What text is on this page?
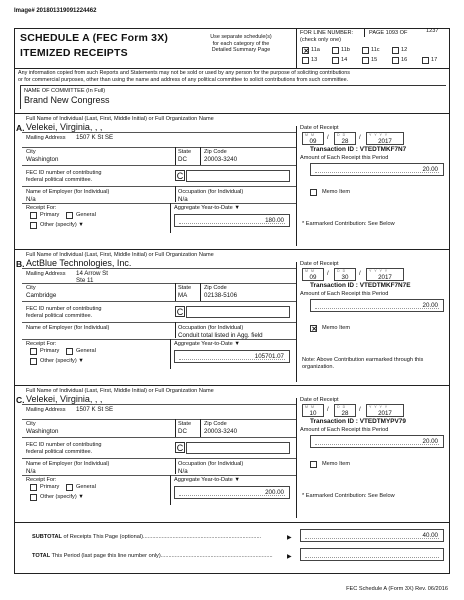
Image# 201801319091224462
SCHEDULE A (FEC Form 3X)
ITEMIZED RECEIPTS
Use separate schedule(s)
for each category of the
Detailed Summary Page
FOR LINE NUMBER:
(check only one)
PAGE 1093 OF	1237
✕
11a	11b	11c	12
13	14	15	16	17
Any information copied from such Reports and Statements may not be sold or used by any person for the purpose of soliciting contributions
or for commercial purposes, other than using the name and address of any political committee to solicit contributions from such committee.
NAME OF COMMITTEE (In Full)
Brand New Congress
Full Name of Individual (Last, First, Middle Initial) or Full Organization Name
A. Velekei, Virginia, , ,
Mailing Address 1507 K St SE
City
Washington
State
DC
Zip Code
20003-3240
FEC ID number of contributing
federal political committee.	C
Name of Employer (for Individual)
N/a
Occupation (for Individual)
N/a
Receipt For:
Primary	General
Other (specify) ▼
Aggregate Year-to-Date ▼
180.00
Date of Receipt
M M
09
D D
28
Y Y Y Y
2017
/	/
Transaction ID : VTEDTMKF7N7
Amount of Each Receipt this Period
20.00
Memo Item
* Earmarked Contribution: See Below
Full Name of Individual (Last, First, Middle Initial) or Full Organization Name
B. ActBlue Technologies, Inc.
Mailing Address 14 Arrow St
Ste 11
City
Cambridge
State
MA
Zip Code
02138-5106
FEC ID number of contributing
federal political committee.	C
Name of Employer (for Individual)	Occupation (for Individual)
Conduit total listed in Agg. field
Receipt For:
Primary	General
Other (specify) ▼
Aggregate Year-to-Date ▼
105701.07
Date of Receipt
M M
09
D D
30
Y Y Y Y
2017
/	/
Transaction ID : VTEDTMKF7N7E
Amount of Each Receipt this Period
20.00
✕
Memo Item
Note: Above Contribution earmarked through this organization.
Full Name of Individual (Last, First, Middle Initial) or Full Organization Name
C. Velekei, Virginia, , ,
Mailing Address 1507 K St SE
City
Washington
State
DC
Zip Code
20003-3240
FEC ID number of contributing
federal political committee.	C
Name of Employer (for Individual)
N/a
Occupation (for Individual)
N/a
Receipt For:
Primary	General
Other (specify) ▼
Aggregate Year-to-Date ▼
200.00
Date of Receipt
M M
10
D D
28
Y Y Y Y
2017
/	/
Transaction ID : VTEDTMYPV79
Amount of Each Receipt this Period
20.00
Memo Item
* Earmarked Contribution: See Below
SUBTOTAL of Receipts This Page (optional)............................................................................
TOTAL This Period (last page this line number only)........................................................................
▶
▶
40.00
FEC Schedule A (Form 3X) Rev. 06/2016
